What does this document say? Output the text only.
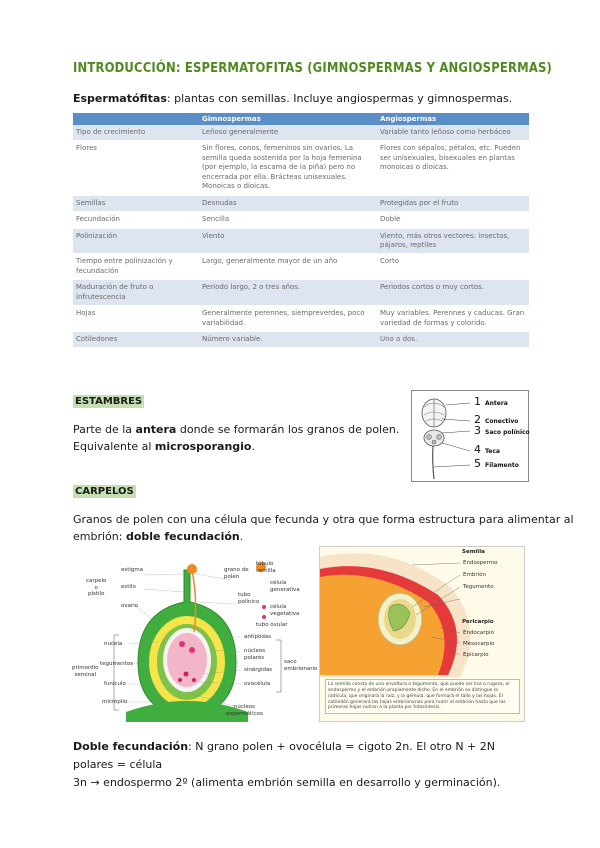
INTRODUCCIÓN: ESPERMATOFITAS (GIMNOSPERMAS Y ANGIOSPERMAS)
Espermatófitas: plantas con semillas. Incluye angiospermas y gimnospermas.
	Gimnospermas	Angiospermas
Tipo de crecimiento	Leñoso generalmente	Variable tanto leñoso como herbáceo
Flores	Sin flores, conos, femeninos sin ovarios. La semilla queda sostenida por la hoja femenina (por ejemplo, la escama de la piña) pero no encerrada por ella. Brácteas unisexuales. Monoicas o dioicas.	Flores con sépalos, pétalos, etc. Pueden ser unisexuales, bisexuales en plantas monoicas o dioicas.
Semillas	Desnudas	Protegidas por el fruto
Fecundación	Sencilla	Doble
Polinización	Viento	Viento, más otros vectores: insectos, pájaros, reptiles
Tiempo entre polinización y fecundación	Largo, generalmente mayor de un año	Corto
Maduración de fruto o infrutescencia	Periodo largo, 2 o tres años.	Periodos cortos o muy cortos.
Hojas	Generalmente perennes, siempreverdes, poco variabilidad.	Muy variables. Perennes y caducas. Gran variedad de formas y colorido.
Cotiledones	Número variable.	Uno o dos.
ESTAMBRES
Parte de la antera donde se formarán los granos de polen.
Equivalente al microsporangio.
1 Antera
2 Conectivo
3 Saco polínico
4 Teca
5 Filamento
CARPELOS
Granos de polen con una célula que fecunda y otra que forma estructura para alimentar al
embrión: doble fecundación.
estigma
estilo
ovario
carpelo
o
pistilo
grano de
polen
tubo
polínico
túbulo
semilla
célula
generativa
célula
vegetativa
tubo ovular
antípodas
núcleos
polares
saco
embrionario
sinérgidas
ovocélula
nucela
tegumentos
funículo
micrópilo
primordio
seminal
núcleos
espermáticos
Semilla
Endospermo
Embrión
Tegumento
Pericarpio
Endocarpio
Mesocarpio
Epicarpio
La semilla consta de una envoltura o tegumento, que puede ser lisa o rugosa, el endospermo y el embrión propiamente dicho. En el embrión se distingue la radícula, que originará la raíz, y la gémula, que formará el tallo y las hojas. El cotiledón generará las hojas embrionarias para nutrir al embrión hasta que las primeras hojas nutran a la planta por fotosíntesis.
Doble fecundación: N grano polen + ovocélula = cigoto 2n. El otro N + 2N polares = célula
3n → endospermo 2º (alimenta embrión semilla en desarrollo y germinación).
